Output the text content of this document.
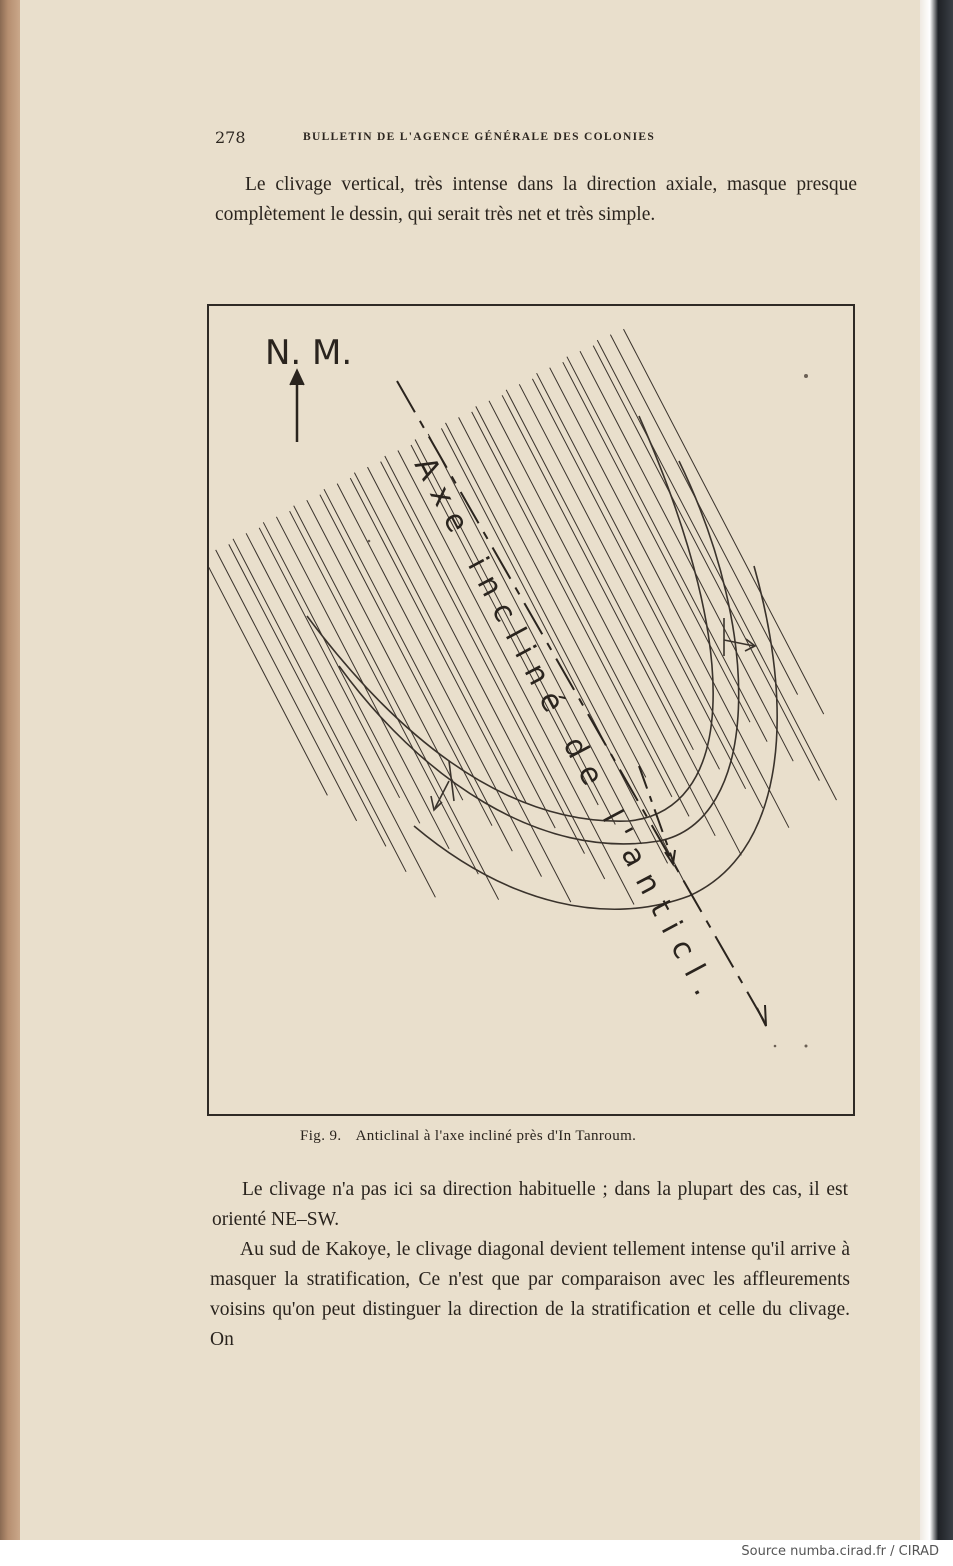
Source numba.cirad.fr / CIRAD
278	BULLETIN DE L'AGENCE GÉNÉRALE DES COLONIES
Le clivage vertical, très intense dans la direction axiale, masque presque complètement le dessin, qui serait très net et très simple.
N. M.
Axe incliné de l'anticl.
Fig. 9. Anticlinal à l'axe incliné près d'In Tanroum.
Le clivage n'a pas ici sa direction habituelle ; dans la plupart des cas, il est orienté NE–SW.
Au sud de Kakoye, le clivage diagonal devient tellement intense qu'il arrive à masquer la stratification, Ce n'est que par comparaison avec les affleurements voisins qu'on peut distinguer la direction de la stratification et celle du clivage. On
